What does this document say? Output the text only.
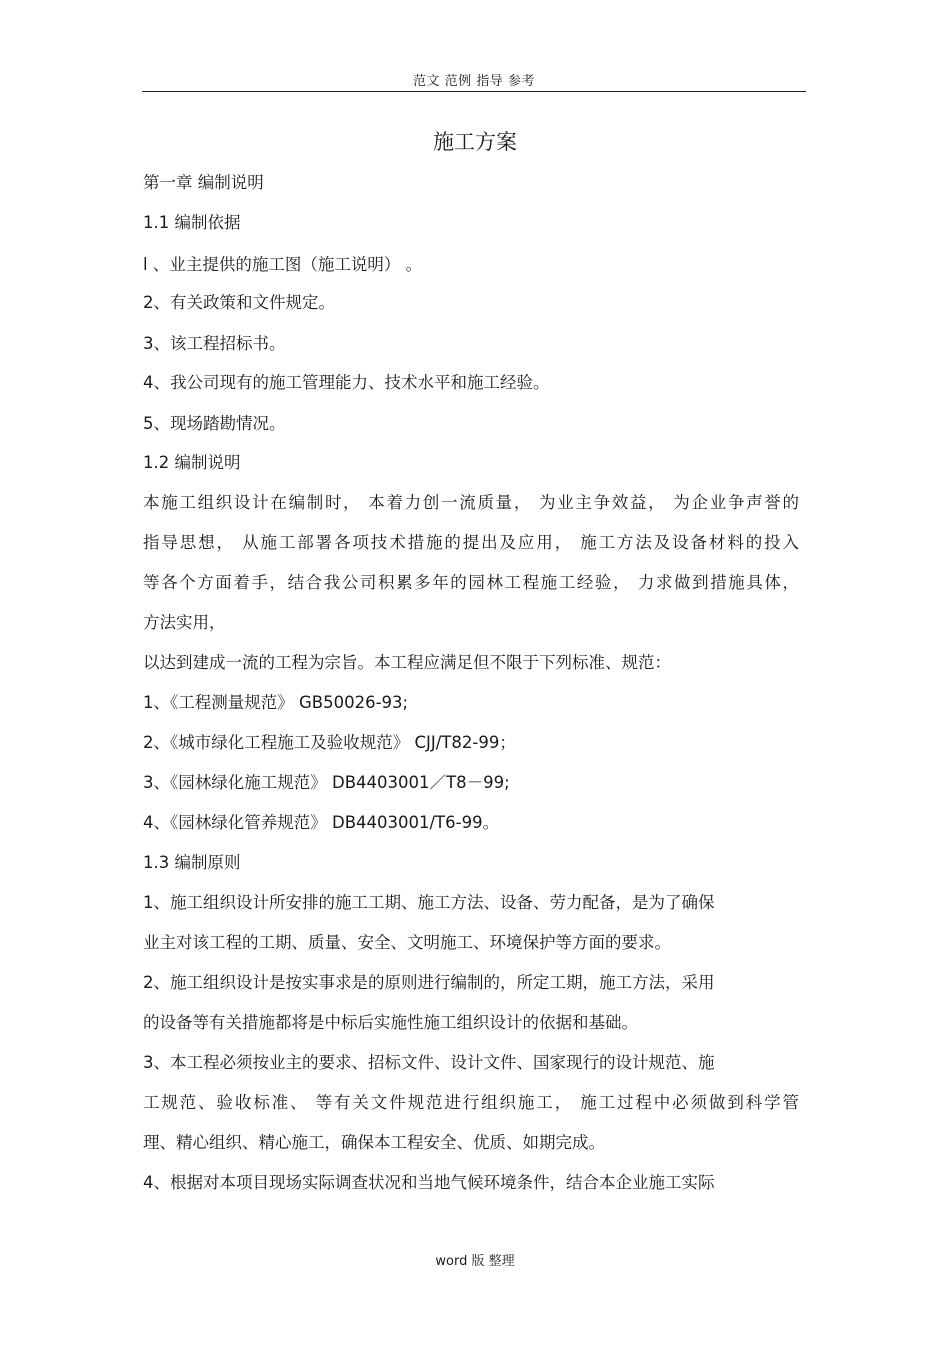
范文 范例 指导 参考
施工方案
第一章 编制说明
1.1 编制依据
l 、业主提供的施工图（施工说明） 。
2、有关政策和文件规定。
3、该工程招标书。
4、我公司现有的施工管理能力、技术水平和施工经验。
5、现场踏勘情况。
1.2 编制说明
本施工组织设计在编制时， 本着力创一流质量， 为业主争效益， 为企业争声誉的
指导思想， 从施工部署各项技术措施的提出及应用， 施工方法及设备材料的投入
等各个方面着手，结合我公司积累多年的园林工程施工经验， 力求做到措施具体，
方法实用，
以达到建成一流的工程为宗旨。本工程应满足但不限于下列标准、规范：
1、《工程测量规范》 GB50026-93;
2、《城市绿化工程施工及验收规范》 CJJ/T82-99；
3、《园林绿化施工规范》 DB4403001／T8－99;
4、《园林绿化管养规范》 DB4403001/T6-99。
1.3 编制原则
1、施工组织设计所安排的施工工期、施工方法、设备、劳力配备，是为了确保
业主对该工程的工期、质量、安全、文明施工、环境保护等方面的要求。
2、施工组织设计是按实事求是的原则进行编制的，所定工期，施工方法，采用
的设备等有关措施都将是中标后实施性施工组织设计的依据和基础。
3、本工程必须按业主的要求、招标文件、设计文件、国家现行的设计规范、施
工规范、验收标准、 等有关文件规范进行组织施工， 施工过程中必须做到科学管
理、精心组织、精心施工，确保本工程安全、优质、如期完成。
4、根据对本项目现场实际调查状况和当地气候环境条件，结合本企业施工实际
word 版 整理
